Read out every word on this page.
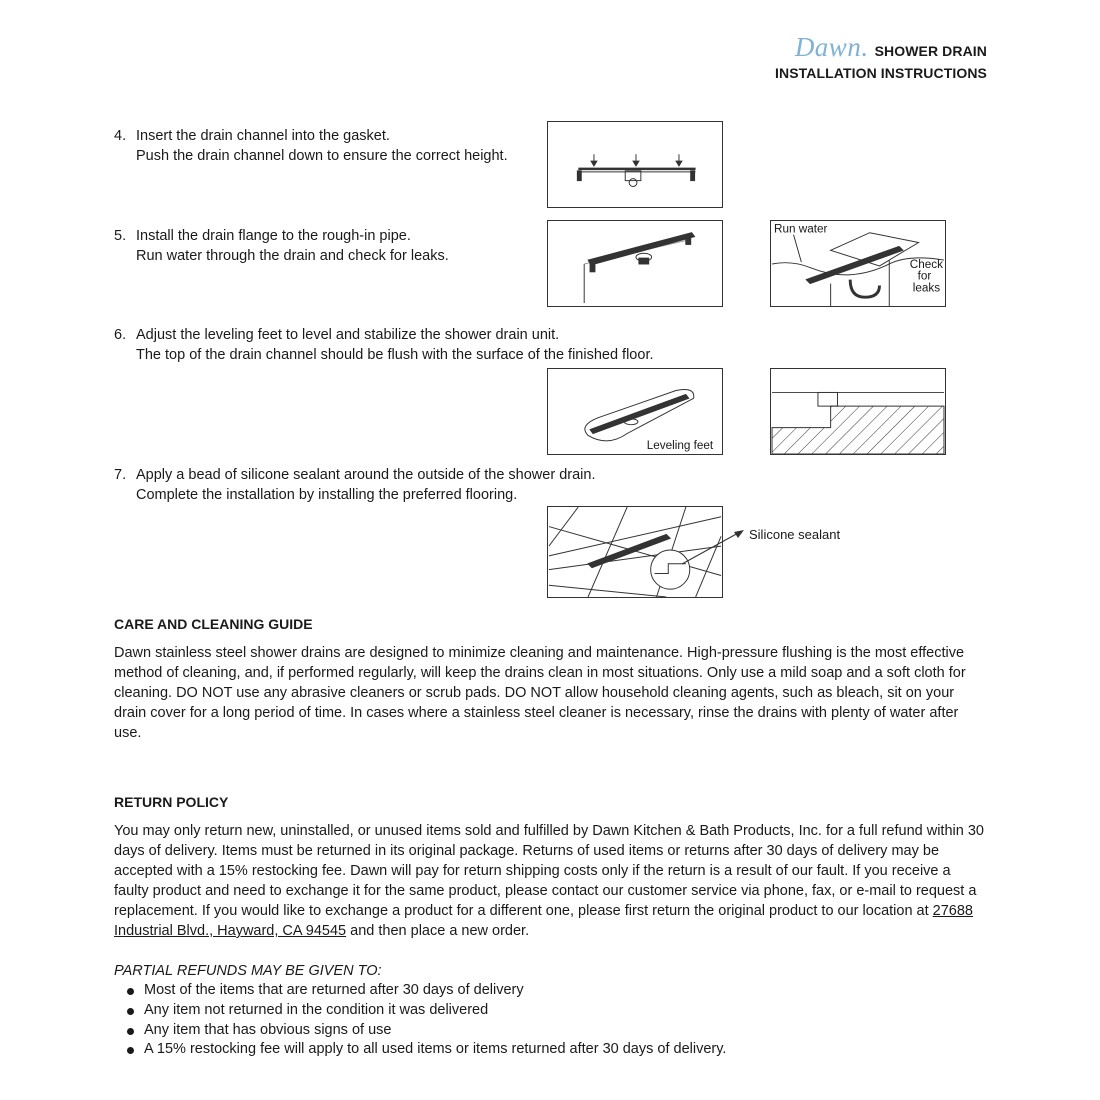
Dawn. SHOWER DRAIN
INSTALLATION INSTRUCTIONS
4. Insert the drain channel into the gasket.
Push the drain channel down to ensure the correct height.
5. Install the drain flange to the rough-in pipe.
Run water through the drain and check for leaks.
Run water
Check
for
leaks
6. Adjust the leveling feet to level and stabilize the shower drain unit.
The top of the drain channel should be flush with the surface of the finished floor.
Leveling feet
7. Apply a bead of silicone sealant around the outside of the shower drain.
Complete the installation by installing the preferred flooring.
Silicone sealant
CARE AND CLEANING GUIDE
Dawn stainless steel shower drains are designed to minimize cleaning and maintenance. High-pressure flushing is the most effective method of cleaning, and, if performed regularly, will keep the drains clean in most situations. Only use a mild soap and a soft cloth for cleaning. DO NOT use any abrasive cleaners or scrub pads. DO NOT allow household cleaning agents, such as bleach, sit on your drain cover for a long period of time. In cases where a stainless steel cleaner is necessary, rinse the drains with plenty of water after use.
RETURN POLICY
You may only return new, uninstalled, or unused items sold and fulfilled by Dawn Kitchen & Bath Products, Inc. for a full refund within 30 days of delivery. Items must be returned in its original package. Returns of used items or returns after 30 days of delivery may be accepted with a 15% restocking fee. Dawn will pay for return shipping costs only if the return is a result of our fault. If you receive a faulty product and need to exchange it for the same product, please contact our customer service via phone, fax, or e-mail to request a replacement. If you would like to exchange a product for a different one, please first return the original product to our location at 27688 Industrial Blvd., Hayward, CA 94545 and then place a new order.
PARTIAL REFUNDS MAY BE GIVEN TO:
Most of the items that are returned after 30 days of delivery
Any item not returned in the condition it was delivered
Any item that has obvious signs of use
A 15% restocking fee will apply to all used items or items returned after 30 days of delivery.
